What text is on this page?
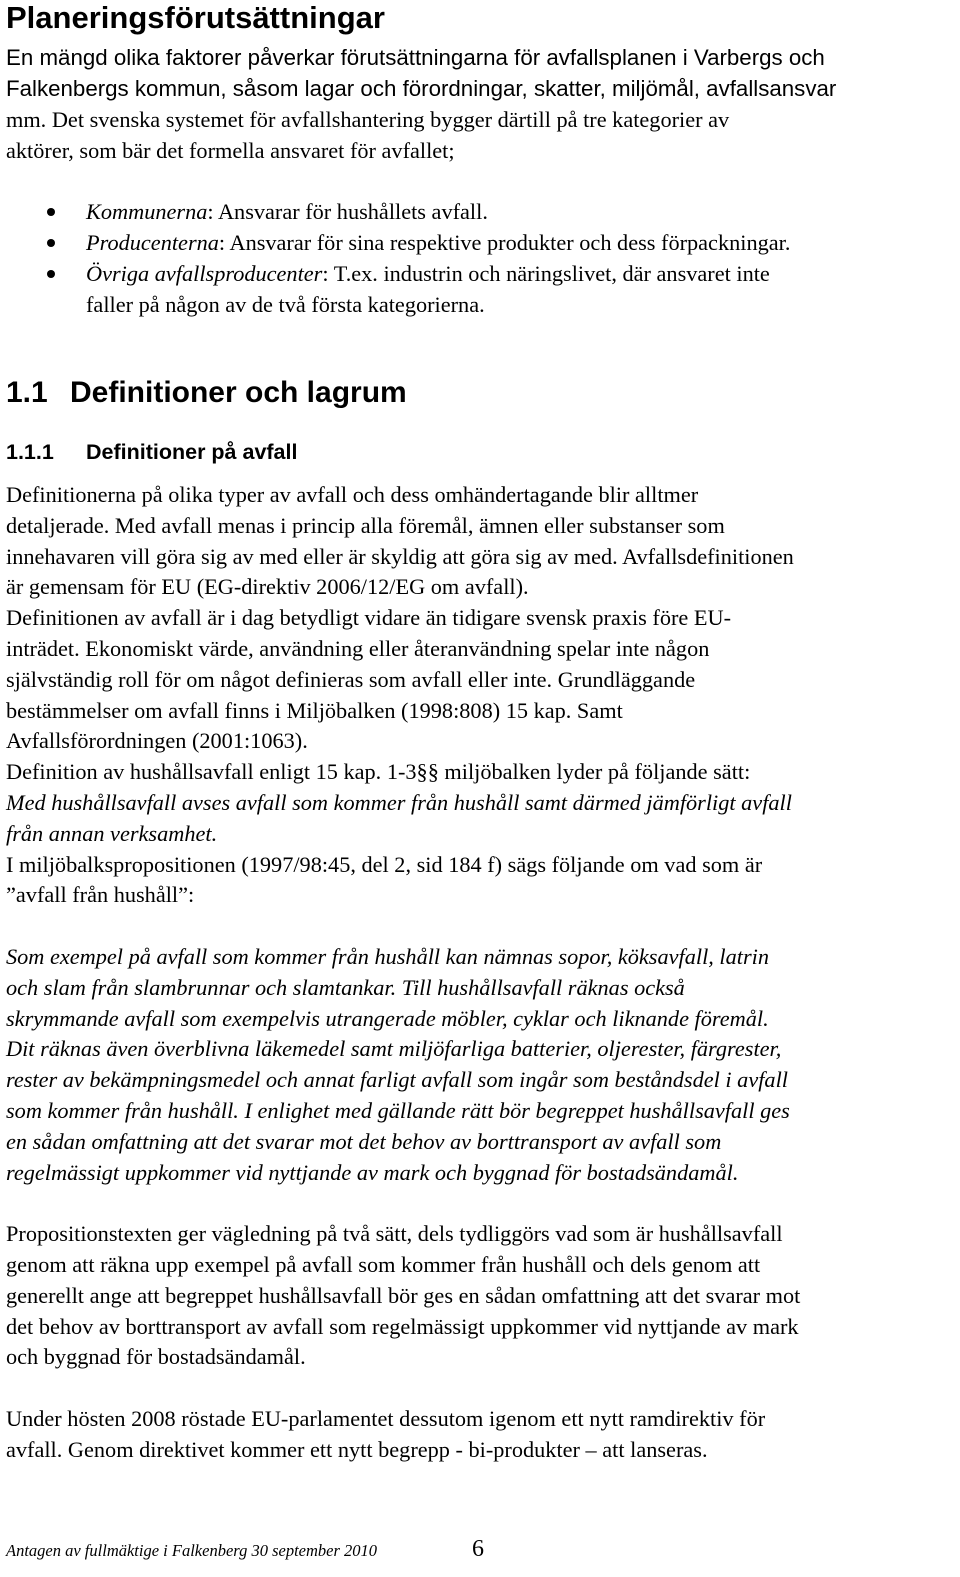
Planeringsförutsättningar
En mängd olika faktorer påverkar förutsättningarna för avfallsplanen i Varbergs och
Falkenbergs kommun, såsom lagar och förordningar, skatter, miljömål, avfallsansvar
mm. Det svenska systemet för avfallshantering bygger därtill på tre kategorier av
aktörer, som bär det formella ansvaret för avfallet;
Kommunerna: Ansvarar för hushållets avfall.
Producenterna: Ansvarar för sina respektive produkter och dess förpackningar.
Övriga avfallsproducenter: T.ex. industrin och näringslivet, där ansvaret inte
faller på någon av de två första kategorierna.
1.1 Definitioner och lagrum
1.1.1 Definitioner på avfall
Definitionerna på olika typer av avfall och dess omhändertagande blir alltmer
detaljerade. Med avfall menas i princip alla föremål, ämnen eller substanser som
innehavaren vill göra sig av med eller är skyldig att göra sig av med. Avfallsdefinitionen
är gemensam för EU (EG-direktiv 2006/12/EG om avfall).
Definitionen av avfall är i dag betydligt vidare än tidigare svensk praxis före EU-
inträdet. Ekonomiskt värde, användning eller återanvändning spelar inte någon
självständig roll för om något definieras som avfall eller inte. Grundläggande
bestämmelser om avfall finns i Miljöbalken (1998:808) 15 kap. Samt
Avfallsförordningen (2001:1063).
Definition av hushållsavfall enligt 15 kap. 1-3§§ miljöbalken lyder på följande sätt:
Med hushållsavfall avses avfall som kommer från hushåll samt därmed jämförligt avfall
från annan verksamhet.
I miljöbalkspropositionen (1997/98:45, del 2, sid 184 f) sägs följande om vad som är
”avfall från hushåll”:
Som exempel på avfall som kommer från hushåll kan nämnas sopor, köksavfall, latrin
och slam från slambrunnar och slamtankar. Till hushållsavfall räknas också
skrymmande avfall som exempelvis utrangerade möbler, cyklar och liknande föremål.
Dit räknas även överblivna läkemedel samt miljöfarliga batterier, oljerester, färgrester,
rester av bekämpningsmedel och annat farligt avfall som ingår som beståndsdel i avfall
som kommer från hushåll. I enlighet med gällande rätt bör begreppet hushållsavfall ges
en sådan omfattning att det svarar mot det behov av borttransport av avfall som
regelmässigt uppkommer vid nyttjande av mark och byggnad för bostadsändamål.
Propositionstexten ger vägledning på två sätt, dels tydliggörs vad som är hushållsavfall
genom att räkna upp exempel på avfall som kommer från hushåll och dels genom att
generellt ange att begreppet hushållsavfall bör ges en sådan omfattning att det svarar mot
det behov av borttransport av avfall som regelmässigt uppkommer vid nyttjande av mark
och byggnad för bostadsändamål.
Under hösten 2008 röstade EU-parlamentet dessutom igenom ett nytt ramdirektiv för
avfall. Genom direktivet kommer ett nytt begrepp - bi-produkter – att lanseras.
Antagen av fullmäktige i Falkenberg 30 september 2010	6
